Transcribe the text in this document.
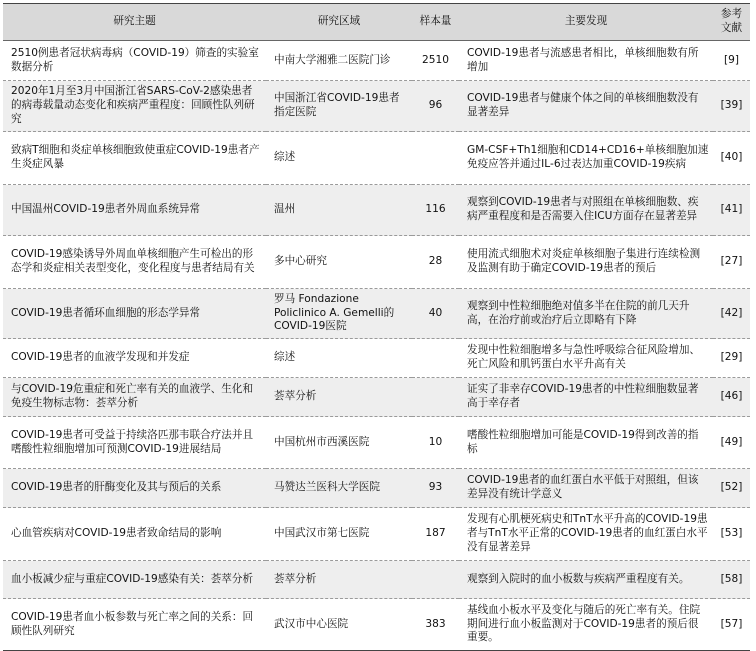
研究主题	研究区域	样本量	主要发现	参考文献
2510例患者冠状病毒病（COVID-19）筛查的实验室数据分析	中南大学湘雅二医院门诊	2510	COVID-19患者与流感患者相比，单核细胞数有所增加	[9]
2020年1月至3月中国浙江省SARS-CoV-2感染患者的病毒载量动态变化和疾病严重程度：回顾性队列研究	中国浙江省COVID-19患者指定医院	96	COVID-19患者与健康个体之间的单核细胞数没有显著差异	[39]
致病T细胞和炎症单核细胞致使重症COVID-19患者产生炎症风暴	综述		GM-CSF+Th1细胞和CD14+CD16+单核细胞加速免疫应答并通过IL-6过表达加重COVID-19疾病	[40]
中国温州COVID-19患者外周血系统异常	温州	116	观察到COVID-19患者与对照组在单核细胞数、疾病严重程度和是否需要入住ICU方面存在显著差异	[41]
COVID-19感染诱导外周血单核细胞产生可检出的形态学和炎症相关表型变化，变化程度与患者结局有关	多中心研究	28	使用流式细胞术对炎症单核细胞子集进行连续检测及监测有助于确定COVID-19患者的预后	[27]
COVID-19患者循环血细胞的形态学异常	罗马 Fondazione Policlinico A. Gemelli的COVID-19医院	40	观察到中性粒细胞绝对值多半在住院的前几天升高，在治疗前或治疗后立即略有下降	[42]
COVID-19患者的血液学发现和并发症	综述		发现中性粒细胞增多与急性呼吸综合征风险增加、死亡风险和肌钙蛋白水平升高有关	[29]
与COVID-19危重症和死亡率有关的血液学、生化和免疫生物标志物：荟萃分析	荟萃分析		证实了非幸存COVID-19患者的中性粒细胞数显著高于幸存者	[46]
COVID-19患者可受益于持续洛匹那韦联合疗法并且嗜酸性粒细胞增加可预测COVID-19进展结局	中国杭州市西溪医院	10	嗜酸性粒细胞增加可能是COVID-19得到改善的指标	[49]
COVID-19患者的肝酶变化及其与预后的关系	马赞达兰医科大学医院	93	COVID-19患者的血红蛋白水平低于对照组，但该差异没有统计学意义	[52]
心血管疾病对COVID-19患者致命结局的影响	中国武汉市第七医院	187	发现有心肌梗死病史和TnT水平升高的COVID-19患者与TnT水平正常的COVID-19患者的血红蛋白水平没有显著差异	[53]
血小板减少症与重症COVID-19感染有关：荟萃分析	荟萃分析		观察到入院时的血小板数与疾病严重程度有关。	[58]
COVID-19患者血小板参数与死亡率之间的关系：回顾性队列研究	武汉市中心医院	383	基线血小板水平及变化与随后的死亡率有关。住院期间进行血小板监测对于COVID-19患者的预后很重要。	[57]
